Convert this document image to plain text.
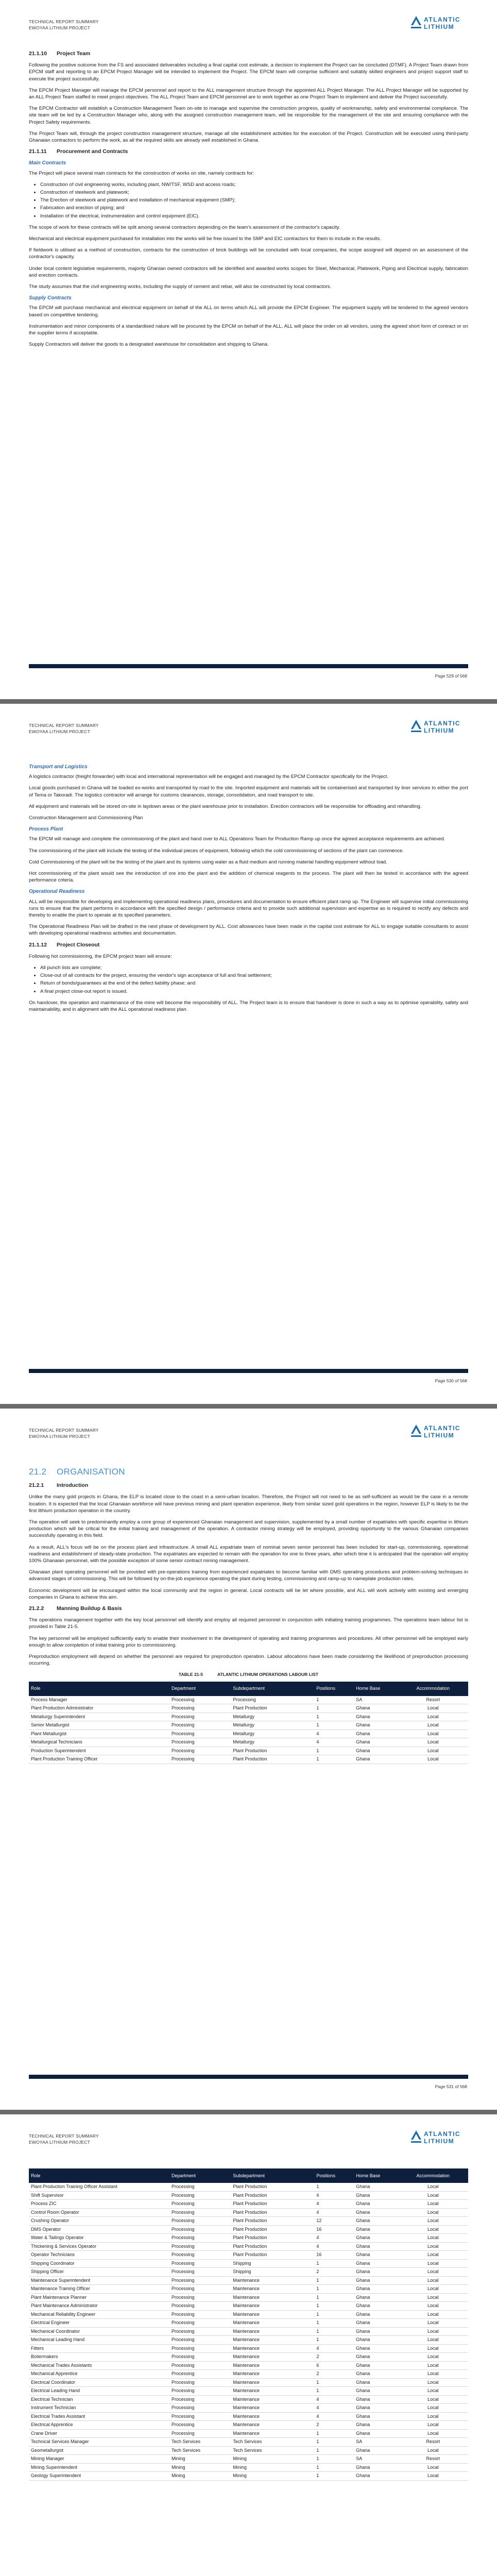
TECHNICAL REPORT SUMMARY
EWOYAA LITHIUM PROJECT
ATLANTIC
LITHIUM
21.1.10 Project Team

Following the positive outcome from the FS and associated deliverables including a final capital cost estimate, a decision to implement the Project can be concluded (DTMF). A Project Team drawn from EPCM staff and reporting to an EPCM Project Manager will be intended to implement the Project. The EPCM team will comprise sufficient and suitably skilled engineers and project support staff to execute the project successfully.

The EPCM Project Manager will manage the EPCM personnel and report to the ALL management structure through the appointed ALL Project Manager. The ALL Project Manager will be supported by an ALL Project Team staffed to meet project objectives. The ALL Project Team and EPCM personnel are to work together as one Project Team to implement and deliver the Project successfully.

The EPCM Contractor will establish a Construction Management Team on-site to manage and supervise the construction progress, quality of workmanship, safety and environmental compliance. The site team will be led by a Construction Manager who, along with the assigned construction management team, will be responsible for the management of the site and ensuring compliance with the Project Safety requirements.

The Project Team will, through the project construction management structure, manage all site establishment activities for the execution of the Project. Construction will be executed using third-party Ghanaian contractors to perform the work, as all the required skills are already well established in Ghana.

21.1.11 Procurement and Contracts
Main Contracts

The Project will place several main contracts for the construction of works on site, namely contracts for:

• Construction of civil engineering works, including plant, NW/TSF, WSD and access roads;
• Construction of steelwork and platework;
• The Erection of steelwork and platework and installation of mechanical equipment (SMP);
• Fabrication and erection of piping; and
• Installation of the electrical, instrumentation and control equipment (EIC).

The scope of work for these contracts will be split among several contractors depending on the team's assessment of the contractor's capacity.

Mechanical and electrical equipment purchased for installation into the works will be free issued to the SMP and EIC contractors for them to include in the results.

If fieldwork is utilised as a method of construction, contracts for the construction of brick buildings will be concluded with local companies, the scope assigned will depend on an assessment of the contractor's capacity.

Under local content legislative requirements, majority Ghanian owned contractors will be identified and awarded works scopes for Steel, Mechanical, Platework, Piping and Electrical supply, fabrication and erection contracts.

The study assumes that the civil engineering works, including the supply of cement and rebar, will also be constructed by local contractors.

Supply Contracts

The EPCM will purchase mechanical and electrical equipment on behalf of the ALL on terms which ALL will provide the EPCM Engineer. The equipment supply will be tendered to the agreed vendors based on competitive tendering.

Instrumentation and minor components of a standardised nature will be procured by the EPCM on behalf of the ALL, ALL will place the order on all vendors, using the agreed short form of contract or on the supplier terms if acceptable.

Supply Contractors will deliver the goods to a designated warehouse for consolidation and shipping to Ghana.

Page 529 of 568
TECHNICAL REPORT SUMMARY
EWOYAA LITHIUM PROJECT
ATLANTIC
LITHIUM
Transport and Logistics

A logistics contractor (freight forwarder) with local and international representation will be engaged and managed by the EPCM Contractor specifically for the Project.

Local goods purchased in Ghana will be loaded ex-works and transported by road to the site. Imported equipment and materials will be containerised and transported by liner services to either the port of Tema or Takoradi. The logistics contractor will arrange for customs clearances, storage, consolidation, and road transport to site.

All equipment and materials will be stored on-site in laydown areas or the plant warehouse prior to installation. Erection contractors will be responsible for offloading and rehandling.

Construction Management and Commissioning Plan

Process Plant

The EPCM will manage and complete the commissioning of the plant and hand over to ALL Operations Team for Production Ramp up once the agreed acceptance requirements are achieved.

The commissioning of the plant will include the testing of the individual pieces of equipment, following which the cold commissioning of sections of the plant can commence.

Cold Commissioning of the plant will be the testing of the plant and its systems using water as a fluid medium and running material handling equipment without load.

Hot commissioning of the plant would see the introduction of ore into the plant and the addition of chemical reagents to the process. The plant will then be tested in accordance with the agreed performance criteria.

Operational Readiness

ALL will be responsible for developing and implementing operational readiness plans, procedures and documentation to ensure efficient plant ramp up. The Engineer will supervise initial commissioning runs to ensure that the plant performs in accordance with the specified design / performance criteria and to provide such additional supervision and expertise as is required to rectify any defects and thereby to enable the plant to operate at its specified parameters.

The Operational Readiness Plan will be drafted in the next phase of development by ALL. Cost allowances have been made in the capital cost estimate for ALL to engage suitable consultants to assist with developing operational readiness activities and documentation.

21.1.12 Project Closeout

Following hot commissioning, the EPCM project team will ensure:

• All punch lists are complete;
• Close-out of all contracts for the project, ensuring the vendor's sign acceptance of full and final settlement;
• Return of bonds/guarantees at the end of the defect liability phase; and
• A final project close-out report is issued.

On handover, the operation and maintenance of the mine will become the responsibility of ALL. The Project team is to ensure that handover is done in such a way as to optimise operability, safety and maintainability, and in alignment with the ALL operational readiness plan.

Page 530 of 568
TECHNICAL REPORT SUMMARY
EWOYAA LITHIUM PROJECT
ATLANTIC
LITHIUM
21.2 ORGANISATION
21.2.1 Introduction

Unlike the many gold projects in Ghana, the ELP is located close to the coast in a semi-urban location. Therefore, the Project will not need to be as self-sufficient as would be the case in a remote location. It is expected that the local Ghanaian workforce will have previous mining and plant operation experience, likely from similar sized gold operations in the region, however ELP is likely to be the first lithium production operation in the country.

The operation will seek to predominantly employ a core group of experienced Ghanaian management and supervision, supplemented by a small number of expatriates with specific expertise in lithium production which will be critical for the initial training and management of the operation. A contractor mining strategy will be employed, providing opportunity to the various Ghanaian companies successfully operating in this field.

As a result, ALL's focus will be on the process plant and infrastructure. A small ALL expatriate team of nominal seven senior personnel has been included for start-up, commissioning, operational readiness and establishment of steady-state production. The expatriates are expected to remain with the operation for one to three years, after which time it is anticipated that the operation will employ 100% Ghanaian personnel, with the possible exception of some senior contract mining management.

Ghanaian plant operating personnel will be provided with pre-operations training from experienced expatriates to become familiar with DMS operating procedures and problem-solving techniques in advanced stages of commissioning. This will be followed by on-the-job experience operating the plant during testing, commissioning and ramp-up to nameplate production rates.

Economic development will be encouraged within the local community and the region in general. Local contracts will be let where possible, and ALL will work actively with existing and emerging companies in Ghana to achieve this aim.

21.2.2 Manning Buildup & Basis

The operations management together with the key local personnel will identify and employ all required personnel in conjunction with initiating training programmes. The operations team labour list is provided in Table 21-5.

The key personnel will be employed sufficiently early to enable their involvement in the development of operating and training programmes and procedures. All other personnel will be employed early enough to allow completion of initial training prior to commissioning.

Preproduction employment will depend on whether the personnel are required for preproduction operation. Labour allocations have been made considering the likelihood of preproduction processing occurring.

TABLE 21-5	ATLANTIC LITHIUM OPERATIONS LABOUR LIST
Role	Department	Subdepartment	Positions	Home Base	Accommodation
Process Manager	Processing	Processing	1	SA	Resort
Plant Production Administrator	Processing	Plant Production	1	Ghana	Local
Metallurgy Superintendent	Processing	Metallurgy	1	Ghana	Local
Senior Metallurgist	Processing	Metallurgy	1	Ghana	Local
Plant Metallurgist	Processing	Metallurgy	4	Ghana	Local
Metallurgical Technicians	Processing	Metallurgy	4	Ghana	Local
Production Superintendent	Processing	Plant Production	1	Ghana	Local
Plant Production Training Officer	Processing	Plant Production	1	Ghana	Local
Page 531 of 568
TECHNICAL REPORT SUMMARY
EWOYAA LITHIUM PROJECT
ATLANTIC
LITHIUM
Role	Department	Subdepartment	Positions	Home Base	Accommodation
Plant Production Training Officer Assistant	Processing	Plant Production	1	Ghana	Local
Shift Supervisor	Processing	Plant Production	4	Ghana	Local
Process ZIC	Processing	Plant Production	4	Ghana	Local
Control Room Operator	Processing	Plant Production	4	Ghana	Local
Crushing Operator	Processing	Plant Production	12	Ghana	Local
DMS Operator	Processing	Plant Production	16	Ghana	Local
Water & Tailings Operator	Processing	Plant Production	4	Ghana	Local
Thickening & Services Operator	Processing	Plant Production	4	Ghana	Local
Operator Technicians	Processing	Plant Production	16	Ghana	Local
Shipping Coordinator	Processing	Shipping	1	Ghana	Local
Shipping Officer	Processing	Shipping	2	Ghana	Local
Maintenance Superintendent	Processing	Maintenance	1	Ghana	Local
Maintenance Training Officer	Processing	Maintenance	1	Ghana	Local
Plant Maintenance Planner	Processing	Maintenance	1	Ghana	Local
Plant Maintenance Administrator	Processing	Maintenance	1	Ghana	Local
Mechanical Reliability Engineer	Processing	Maintenance	1	Ghana	Local
Electrical Engineer	Processing	Maintenance	1	Ghana	Local
Mechanical Coordinator	Processing	Maintenance	1	Ghana	Local
Mechanical Leading Hand	Processing	Maintenance	1	Ghana	Local
Fitters	Processing	Maintenance	4	Ghana	Local
Boilermakers	Processing	Maintenance	2	Ghana	Local
Mechanical Trades Assistants	Processing	Maintenance	6	Ghana	Local
Mechanical Apprentice	Processing	Maintenance	2	Ghana	Local
Electrical Coordinator	Processing	Maintenance	1	Ghana	Local
Electrical Leading Hand	Processing	Maintenance	1	Ghana	Local
Electrical Technician	Processing	Maintenance	4	Ghana	Local
Instrument Technician	Processing	Maintenance	4	Ghana	Local
Electrical Trades Assistant	Processing	Maintenance	4	Ghana	Local
Electrical Apprentice	Processing	Maintenance	2	Ghana	Local
Crane Driver	Processing	Maintenance	1	Ghana	Local
Technical Services Manager	Tech Services	Tech Services	1	SA	Resort
Geometallurgist	Tech Services	Tech Services	1	Ghana	Local
Mining Manager	Mining	Mining	1	SA	Resort
Mining Superintendent	Mining	Mining	1	Ghana	Local
Geology Superintendent	Mining	Mining	1	Ghana	Local
